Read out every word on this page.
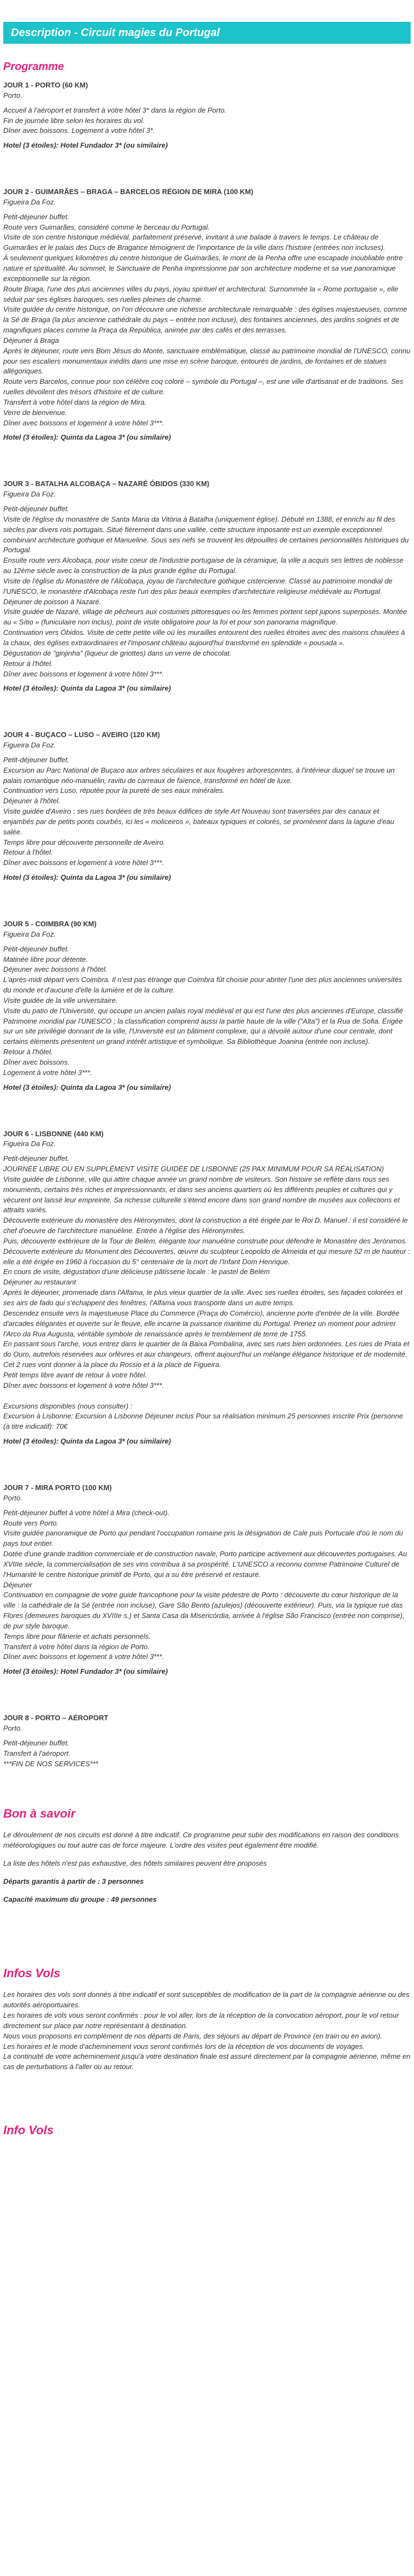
Description - Circuit magies du Portugal
Programme
JOUR 1 - PORTO (60 KM)
Porto.
Accueil à l'aéroport et transfert à votre hôtel 3* dans la région de Porto.
Fin de journée libre selon les horaires du vol.
Dîner avec boissons. Logement à votre hôtel 3*.
Hotel (3 étoiles): Hotel Fundador 3* (ou similaire)
JOUR 2 - GUIMARÃES – BRAGA – BARCELOS RÉGION DE MIRA (100 KM)
Figueira Da Foz.
Petit-déjeuner buffet.
Route vers Guimarães, considéré comme le berceau du Portugal.
Visite de son centre historique médiéval, parfaitement préservé, invitant à une balade à travers le temps. Le château de Guimarães et le palais des Ducs de Bragance témoignent de l'importance de la ville dans l'histoire (entrées non incluses).
À seulement quelques kilomètres du centre historique de Guimarães, le mont de la Penha offre une escapade inoubliable entre nature et spiritualité. Au sommet, le Sanctuaire de Penha impressionne par son architecture moderne et sa vue panoramique exceptionnelle sur la région.
Route Braga, l'une des plus anciennes villes du pays, joyau spirituel et architectural. Surnommée la « Rome portugaise », elle séduit par ses églises baroques, ses ruelles pleines de charme.
Visite guidée du centre historique, on l'on découvre une richesse architecturale remarquable : des églises majestueuses, comme la Sé de Braga (la plus ancienne cathédrale du pays – entrée non incluse), des fontaines anciennes, des jardins soignés et de magnifiques places comme la Praça da República, animée par des cafés et des terrasses.
Déjeuner à Braga
Après le déjeuner, route vers Bom Jésus do Monte, sanctuaire emblématique, classé au patrimoine mondial de l'UNESCO, connu pour ses escaliers monumentaux inédits dans une mise en scène baroque, entourés de jardins, de fontaines et de statues allégoriques.
Route vers Barcelos, connue pour son célèbre coq coloré – symbole du Portugal –, est une ville d'artisanat et de traditions. Ses ruelles dévoilent des trésors d'histoire et de culture.
Transfert à votre hôtel dans la région de Mira.
Verre de bienvenue.
Dîner avec boissons et logement à votre hôtel 3***.
Hotel (3 étoiles): Quinta da Lagoa 3* (ou similaire)
JOUR 3 - BATALHA ALCOBAÇA – NAZARÉ ÓBIDOS (330 KM)
Figueira Da Foz.
Petit-déjeuner buffet.
Visite de l'église du monastère de Santa Maria da Vitória à Batalha (uniquement église). Débuté en 1388, et enrichi au fil des siècles par divers rois portugais. Situé fièrement dans une vallée, cette structure imposante est un exemple exceptionnel combinant architecture gothique et Manueline. Sous ses nefs se trouvent les dépouilles de certaines personnalités historiques du Portugal.
Ensuite route vers Alcobaça, pour visite coeur de l'industrie portugaise de la céramique, la ville a acquis ses lettres de noblesse au 12ème siècle avec la construction de la plus grande église du Portugal.
Visite de l'église du Monastère de l'Alcobaça, joyau de l'architecture gothique cistercienne. Classé au patrimoine mondial de l'UNESCO, le monastère d'Alcobaça reste l'un des plus beaux exemples d'architecture religieuse médiévale au Portugal.
Déjeuner de poisson à Nazaré.
Visite guidée de Nazaré, village de pêcheurs aux costumes pittoresques où les femmes portent sept jupons superposés. Montée au « Sítio » (funiculaire non inclus), point de visite obligatoire pour la foi et pour son panorama magnifique.
Continuation vers Óbidos. Visite de cette petite ville où les murailles entourent des ruelles étroites avec des maisons chaulées à la chaux, des églises extraordinaires et l'imposant château aujourd'hui transformé en splendide « pousada ».
Dégustation de "ginjinha" (liqueur de griottes) dans un verre de chocolat.
Retour à l'hôtel.
Dîner avec boissons et logement à votre hôtel 3***.
Hotel (3 étoiles): Quinta da Lagoa 3* (ou similaire)
JOUR 4 - BUÇACO – LUSO – AVEIRO (120 KM)
Figueira Da Foz.
Petit-déjeuner buffet.
Excursion au Parc National de Buçaco aux arbres séculaires et aux fougères arborescentes, à l'intérieur duquel se trouve un palais romantique néo-manuélin, ravitu de carreaux de faïence, transformé en hôtel de luxe.
Continuation vers Luso, réputée pour la pureté de ses eaux minérales.
Déjeuner à l'hôtel.
Visite guidée d'Aveiro : ses rues bordées de très beaux édifices de style Art Nouveau sont traversées par des canaux et enjambés par de petits ponts courbés, ici les « moliceiros », bateaux typiques et colorés, se promènent dans la lagune d'eau salée.
Temps libre pour découverte personnelle de Aveiro.
Retour à l'hôtel.
Dîner avec boissons et logement à votre hôtel 3***.
Hotel (3 étoiles): Quinta da Lagoa 3* (ou similaire)
JOUR 5 - COIMBRA (90 KM)
Figueira Da Foz.
Petit-déjeuner buffet.
Matinée libre pour détente.
Déjeuner avec boissons à l'hôtel.
L'après-midi départ vers Coimbra. Il n'est pas étrange que Coimbra fût choisie pour abriter l'une des plus anciennes universités du monde et d'aucune d'elle la lumière et de la culture.
Visite guidée de la ville universitaire.
Visite du patio de l'Université, qui occupe un ancien palais royal médiéval et qui est l'une des plus anciennes d'Europe, classifié Patrimoine mondial par l'UNESCO ; la classification comprend aussi la partie haute de la ville ("Alta") et la Rua de Sofia. Érigée sur un site privilégié donnant de la ville, l'Université est un bâtiment complexe, qui a dévoilé autour d'une cour centrale, dont certains éléments présentent un grand intérêt artistique et symbolique. Sa Bibliothèque Joanina (entrée non incluse).
Retour à l'hôtel.
Dîner avec boissons.
Logement à votre hôtel 3***.
Hotel (3 étoiles): Quinta da Lagoa 3* (ou similaire)
JOUR 6 - LISBONNE (440 KM)
Figueira Da Foz.
Petit-déjeuner buffet.
JOURNÉE LIBRE OU EN SUPPLÉMENT VISITE GUIDÉE DE LISBONNE (25 PAX MINIMUM POUR SA RÉALISATION)
Visite guidée de Lisbonne, ville qui attire chaque année un grand nombre de visiteurs. Son histoire se reflète dans tous ses monuments, certains très riches et impressionnants, et dans ses anciens quartiers où les différents peuples et cultures qui y vécurent ont laissé leur empreinte. Sa richesse culturelle s'étend encore dans son grand nombre de musées aux collections et attraits variés.
Découverte extérieure du monastère des Hiéronymites, dont la construction a été érigée par le Roi D. Manuel : il est considéré le chef d'oeuvre de l'architecture manuéline. Entrée à l'église des Hiéronymites.
Puis, découverte extérieure de la Tour de Belém, élégante tour manuéline construite pour défendre le Monastère des Jerónimos.
Découverte extérieure du Monument des Découvertes, œuvre du sculpteur Leopoldo de Almeida et qui mesure 52 m de hauteur : elle a été érigée en 1960 à l'occasion du 5° centenaire de la mort de l'Infant Dom Henrique.
En cours de visite, dégustation d'une délicieuse pâtisserie locale : le pastel de Belém
Déjeuner au restaurant
Après le déjeuner, promenade dans l'Alfama, le plus vieux quartier de la ville. Avec ses ruelles étroites, ses façades colorées et ses airs de fado qui s'échappent des fenêtres, l'Alfama vous transporte dans un autre temps.
Descendez ensuite vers la majestueuse Place du Commerce (Praça do Comércio), ancienne porte d'entrée de la ville. Bordée d'arcades élégantes et ouverte sur le fleuve, elle incarne la puissance maritime du Portugal. Prenez un moment pour admirer l'Arco da Rua Augusta, véritable symbole de renaissance après le tremblement de terre de 1755.
En passant sous l'arche, vous entrez dans le quartier de la Baixa Pombalina, avec ses rues bien ordonnées. Les rues de Prata et do Ouro, autrefois réservées aux orfèvres et aux changeurs, offrent aujourd'hui un mélange élégance historique et de modernité. Cet 2 rues vont donner à la place du Rossio et à la place de Figueira.
Petit temps libre avant de retour à votre hôtel.
Dîner avec boissons et logement à votre hôtel 3***.
Excursions disponibles (nous consulter) :
Excursion à Lisbonne: Excursion à Lisbonne Déjeuner inclus Pour sa réalisation minimum 25 personnes inscrite Prix (personne (à titre indicatif): 70€
Hotel (3 étoiles): Quinta da Lagoa 3* (ou similaire)
JOUR 7 - MIRA PORTO (100 KM)
Porto.
Petit-déjeuner buffet à votre hôtel à Mira (check-out).
Route vers Porto.
Visite guidée panoramique de Porto qui pendant l'occupation romaine pris la désignation de Cale puis Portucale d'où le nom du pays tout entier.
Dotée d'une grande tradition commerciale et de construction navale, Porto participe activement aux découvertes portugaises. Au XVIIIe siècle, la commercialisation de ses vins contribua à sa prospérité. L'UNESCO a reconnu comme Patrimoine Culturel de l'Humanité le centre historique primitif de Porto, qui a su être préservé et restauré.
Déjeuner
Continuation en compagnie de votre guide francophone pour la visite pédestre de Porto : découverte du cœur historique de la ville : la cathédrale de la Sé (entrée non incluse), Gare São Bento (azulejos) (découverte extérieur). Puis, via la typique rue das Flores (demeures baroques du XVIIIe s.) et Santa Casa da Misericórdia, arrivée à l'église São Francisco (entrée non comprise), de pur style baroque.
Temps libre pour flânerie et achats personnels.
Transfert à votre hôtel dans la région de Porto.
Dîner avec boissons et logement à votre hôtel 3***.
Hotel (3 étoiles): Hotel Fundador 3* (ou similaire)
JOUR 8 - PORTO – AÉROPORT
Porto.
Petit-déjeuner buffet.
Transfert à l'aéroport.
***FIN DE NOS SERVICES***
Bon à savoir
Le déroulement de nos circuits est donné à titre indicatif. Ce programme peut subir des modifications en raison des conditions météorologiques ou tout autre cas de force majeure. L'ordre des visites peut également être modifié.
La liste des hôtels n'est pas exhaustive, des hôtels similaires peuvent être proposés
Départs garantis à partir de : 3 personnes
Capacité maximum du groupe : 49 personnes
Infos Vols
Les horaires des vols sont donnés à titre indicatif et sont susceptibles de modification de la part de la compagnie aérienne ou des autorités aéroportuaires.
Les horaires de vols vous seront confirmés : pour le vol aller, lors de la réception de la convocation aéroport, pour le vol retour directement sur place par notre représentant à destination.
Nous vous proposons en complément de nos départs de Paris, des séjours au départ de Province (en train ou en avion).
Les horaires et le mode d'acheminement vous seront confirmés lors de la réception de vos documents de voyages.
La continuité de votre acheminement jusqu'à votre destination finale est assuré directement par la compagnie aérienne, même en cas de perturbations à l'aller ou au retour.
Info Vols
